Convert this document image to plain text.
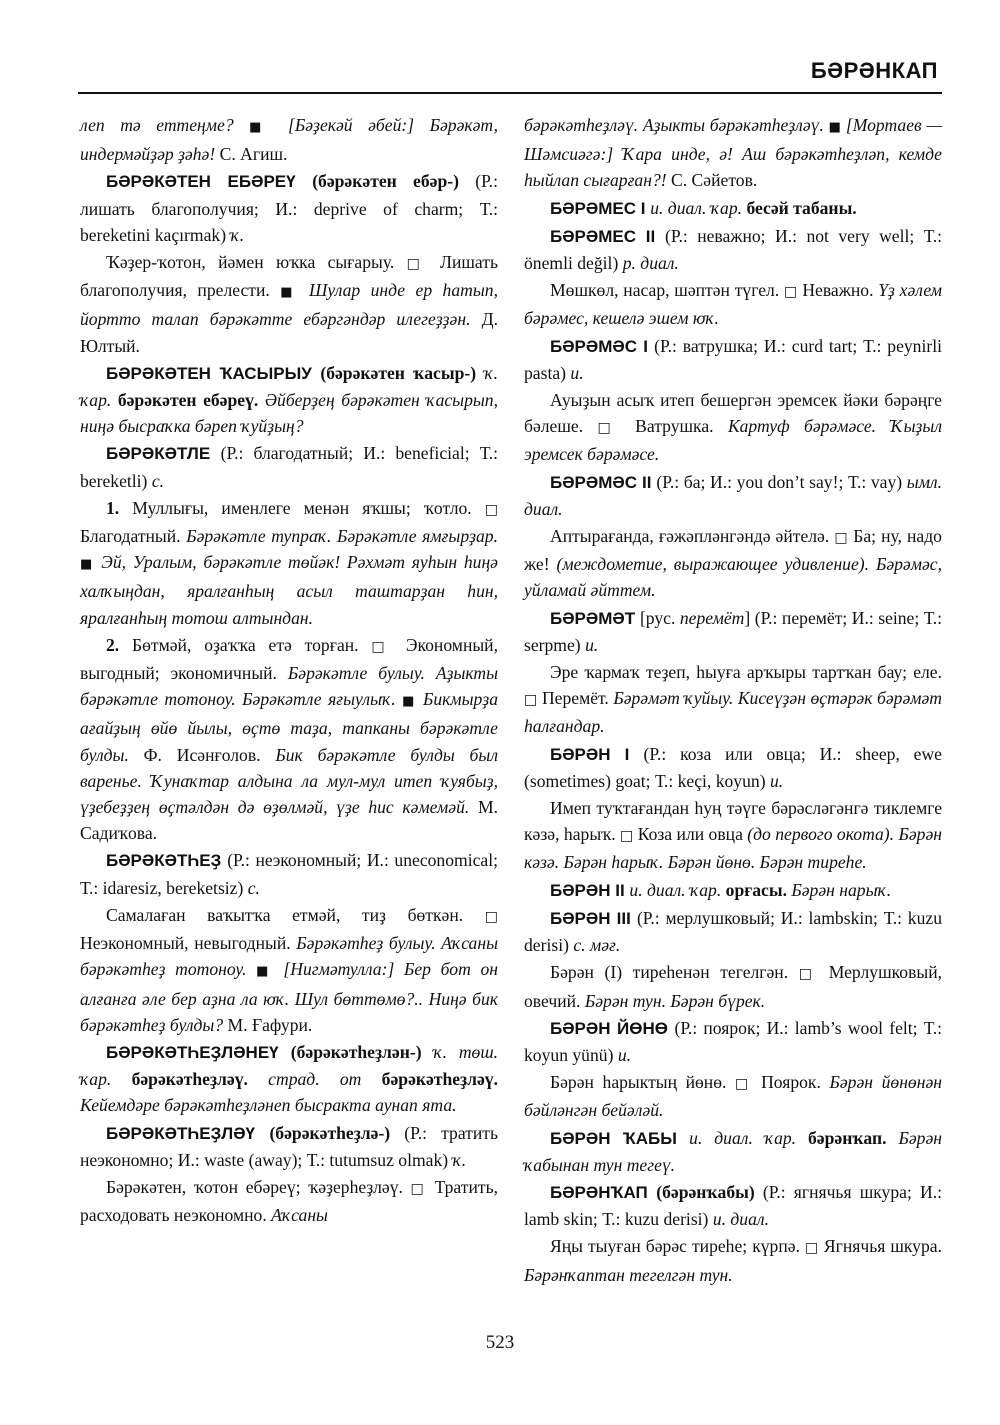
БӘРӘНКАП

леп тә еттеңме? ■ [Бәҙекәй әбей:] Бәрәкәт, индермәйҙәр ҙәһә! С. Агиш.

БӘРӘКӘТЕН ЕБӘРЕҮ (бәрәкәтен ебәр-) (Р.: лишать благополучия; И.: deprive of charm; Т.: bereketini kaçırmak) ҡ.

Ҡәҙер-ҡотон, йәмен юҡка сығарыу. □ Лишать благополучия, прелести. ■ Шулар инде ер һатып, йортто талап бәрәкәтте ебәргәндәр илегеҙҙән. Д. Юлтый.

БӘРӘКӘТЕН ҠАСЫРЫУ (бәрәкәтен ҡасыр-) ҡ. ҡар. бәрәкәтен ебәреү. Әйберҙең бәрәкәтен ҡасырып, ниңә бысраҡка бәреп ҡуйҙың?

БӘРӘКӘТЛЕ (Р.: благодатный; И.: beneficial; Т.: bereketli) с.

1. Муллығы, именлеге менән яҡшы; ҡотло. □ Благодатный. Бәрәкәтле тупраҡ. Бәрәкәтле ямғырҙар. ■ Эй, Уралым, бәрәкәтле төйәк! Рәхмәт яуһын һиңә халҡыңдан, яралғанһың асыл таштарҙан һин, яралғанһың тотош алтындан.

2. Бөтмәй, оҙаҡҡа етә торған. □ Экономный, выгодный; экономичный. Бәрәкәтле булыу. Аҙыкты бәрәкәтле тотоноу. Бәрәкәтле яғыулыҡ. ■ Бикмырҙа ағайҙың өйө йылы, өҫтө таҙа, тапканы бәрәкәтле булды. Ф. Исәнғолов. Бик бәрәкәтле булды был вареньe. Ҡунаҡтар алдына ла мул-мул итеп ҡуябыҙ, үҙебеҙҙең өҫтәлдән дә өҙөлмәй, үҙе һис кәмемәй. М. Садиҡова.

БӘРӘКӘТҺЕҘ (Р.: неэкономный; И.: uneconomical; Т.: idaresiz, bereketsiz) с.

Самалаған ваҡытҡа етмәй, тиҙ бөткән. □ Неэкономный, невыгодный. Бәрәкәтһеҙ булыу. Аҡсаны бәрәкәтһеҙ тотоноу. ■ [Нигмәтулла:] Бер бот он алғанға әле бер аҙна ла юҡ. Шул бөттөмө?.. Ниңә бик бәрәкәтһеҙ булды? М. Ғафури.

БӘРӘКӘТҺЕҘЛӘНЕҮ (бәрәкәтһеҙлән-) ҡ. төш. ҡар. бәрәкәтһеҙләү. страд. от бәрәкәтһеҙләү. Кейемдәре бәрәкәтһеҙләнеп бысракта аунап ята.

БӘРӘКӘТҺЕҘЛӘҮ (бәрәкәтһеҙлә-) (Р.: тратить неэкономно; И.: waste (away); Т.: tutumsuz olmak) ҡ.

Бәрәкәтен, ҡотон ебәреү; ҡәҙерһеҙләү. □ Тратить, расходовать неэкономно. Аҡсаны

бәрәкәтһеҙләү. Аҙыкты бәрәкәтһеҙләү. ■ [Мортаев — Шәмсиәгә:] Ҡара инде, ә! Аш бәрәкәтһеҙләп, кемде һыйлап сығарған?! С. Сәйетов.

БӘРӘМЕС I и. диал. ҡар. бесәй табаны.

БӘРӘМЕС II (Р.: неважно; И.: not very well; Т.: önemli değil) р. диал.

Мөшкөл, насар, шәптән түгел. □ Неважно. Үҙ хәлем бәрәмес, кешелә эшем юҡ.

БӘРӘМӘС I (Р.: ватрушка; И.: curd tart; Т.: peynirli pasta) и.

Ауыҙын асыҡ итеп бешергән эремсек йәки бәрәңге бәлеше. □ Ватрушка. Картуф бәрәмәсе. Ҡыҙыл эремсек бәрәмәсе.

БӘРӘМӘС II (Р.: ба; И.: you don’t say!; Т.: vay) ымл. диал.

Аптырағанда, ғәжәпләнгәндә әйтелә. □ Ба; ну, надо же! (междометие, выражающее удивление). Бәрәмәс, уйламай әйттем.

БӘРӘМӘТ [рус. перемёт] (Р.: перемёт; И.: seine; Т.: serpme) и.

Эре ҡармаҡ теҙеп, һыуға арҡыры тартҡан бау; еле. □ Перемёт. Бәрәмәт ҡуйыу. Кисеүҙән өҫтәрәк бәрәмәт һалғандар.

БӘРӘН I (Р.: коза или овца; И.: sheep, ewe (sometimes) goat; Т.: keçi, koyun) и.

Имеп туҡтағандан һуң тәүге бәрәсләгәнгә тиклемге кәзә, һарыҡ. □ Коза или овца (до первого окота). Бәрән кәзә. Бәрән һарыҡ. Бәрән йөнө. Бәрән тиреһе.

БӘРӘН II и. диал. ҡар. орғасы. Бәрән нарыҡ.

БӘРӘН III (Р.: мерлушковый; И.: lambskin; Т.: kuzu derisi) с. мәғ.

Бәрән (I) тиреһенән тегелгән. □ Мерлушковый, овечий. Бәрән тун. Бәрән бүрек.

БӘРӘН ЙӨНӨ (Р.: поярок; И.: lamb’s wool felt; Т.: koyun yünü) и.

Бәрән һарыктың йөнө. □ Поярок. Бәрән йөнөнән бәйләнгән бейәләй.

БӘРӘН ҠАБЫ и. диал. ҡар. бәрәнҡап. Бәрән ҡабынан тун тегеү.

БӘРӘНҠАП (бәрәнҡабы) (Р.: ягнячья шкура; И.: lamb skin; Т.: kuzu derisi) и. диал.

Яңы тыуған бәрәс тиреһе; күрпә. □ Ягнячья шкура. Бәрәнҡаптан тегелгән тун.

523
